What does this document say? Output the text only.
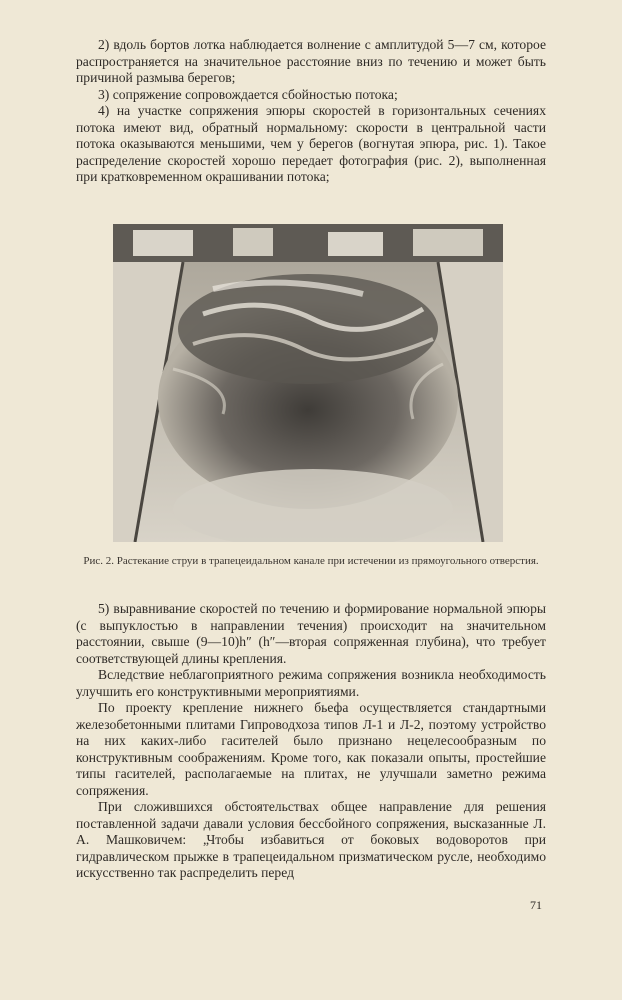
2) вдоль бортов лотка наблюдается волнение с амплитудой 5—7 см, которое распространяется на значительное расстояние вниз по течению и может быть причиной размыва берегов;

3) сопряжение сопровождается сбойностью потока;

4) на участке сопряжения эпюры скоростей в горизонтальных сечениях потока имеют вид, обратный нормальному: скорости в центральной части потока оказываются меньшими, чем у берегов (вогнутая эпюра, рис. 1). Такое распределение скоростей хорошо передает фотография (рис. 2), выполненная при кратковременном окрашивании потока;

Рис. 2. Растекание струи в трапецеидальном канале при истечении из прямоугольного отверстия.

5) выравнивание скоростей по течению и формирование нормальной эпюры (с выпуклостью в направлении течения) происходит на значительном расстоянии, свыше (9—10)h″ (h″—вторая сопряженная глубина), что требует соответствующей длины крепления.

Вследствие неблагоприятного режима сопряжения возникла необходимость улучшить его конструктивными мероприятиями.

По проекту крепление нижнего бьефа осуществляется стандартными железобетонными плитами Гипроводхоза типов Л-1 и Л-2, поэтому устройство на них каких-либо гасителей было признано нецелесообразным по конструктивным соображениям. Кроме того, как показали опыты, простейшие типы гасителей, располагаемые на плитах, не улучшали заметно режима сопряжения.

При сложившихся обстоятельствах общее направление для решения поставленной задачи давали условия бессбойного сопряжения, высказанные Л. А. Машковичем: „Чтобы избавиться от боковых водоворотов при гидравлическом прыжке в трапецеидальном призматическом русле, необходимо искусственно так распределить перед

71
